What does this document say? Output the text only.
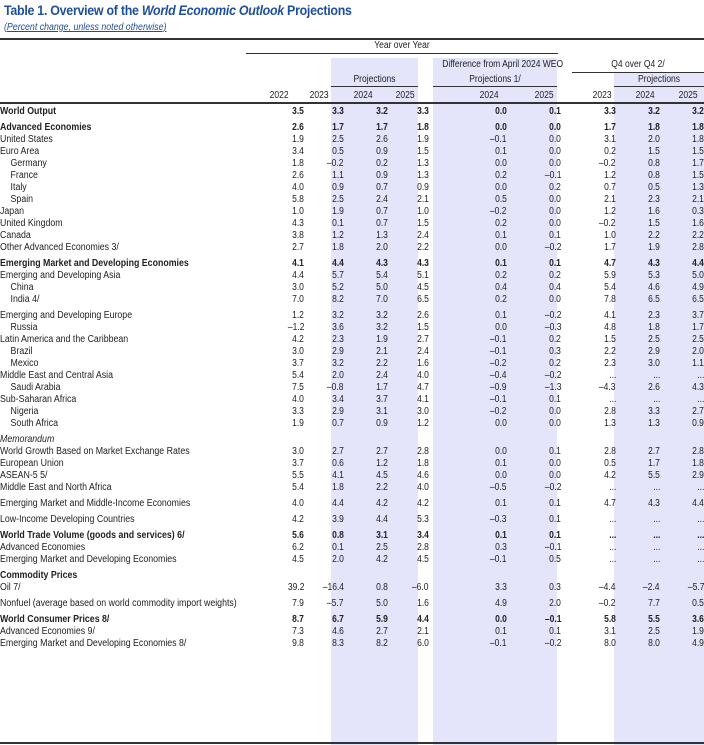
Table 1. Overview of the World Economic Outlook Projections
(Percent change, unless noted otherwise)
Year over Year
Difference from April 2024 WEO	Q4 over Q4 2/
Projections	Projections 1/	Projections
2022 2023	2024 2025	2024	2025	2023 2024 2025
World Output	3.5	3.3	3.2	3.3	0.0	0.1	3.3	3.2	3.2
Advanced Economies	2.6	1.7	1.7	1.8	0.0	0.0	1.7	1.8	1.8
United States	1.9	2.5	2.6	1.9	–0.1	0.0	3.1	2.0	1.8
Euro Area	3.4	0.5	0.9	1.5	0.1	0.0	0.2	1.5	1.5
Germany	1.8	–0.2	0.2	1.3	0.0	0.0	–0.2	0.8	1.7
France	2.6	1.1	0.9	1.3	0.2	–0.1	1.2	0.8	1.5
Italy	4.0	0.9	0.7	0.9	0.0	0.2	0.7	0.5	1.3
Spain	5.8	2.5	2.4	2.1	0.5	0.0	2.1	2.3	2.1
Japan	1.0	1.9	0.7	1.0	–0.2	0.0	1.2	1.6	0.3
United Kingdom	4.3	0.1	0.7	1.5	0.2	0.0	–0.2	1.5	1.6
Canada	3.8	1.2	1.3	2.4	0.1	0.1	1.0	2.2	2.2
Other Advanced Economies 3/	2.7	1.8	2.0	2.2	0.0	–0.2	1.7	1.9	2.8
Emerging Market and Developing Economies	4.1	4.4	4.3	4.3	0.1	0.1	4.7	4.3	4.4
Emerging and Developing Asia	4.4	5.7	5.4	5.1	0.2	0.2	5.9	5.3	5.0
China	3.0	5.2	5.0	4.5	0.4	0.4	5.4	4.6	4.9
India 4/	7.0	8.2	7.0	6.5	0.2	0.0	7.8	6.5	6.5
Emerging and Developing Europe	1.2	3.2	3.2	2.6	0.1	–0.2	4.1	2.3	3.7
Russia	–1.2	3.6	3.2	1.5	0.0	–0.3	4.8	1.8	1.7
Latin America and the Caribbean	4.2	2.3	1.9	2.7	–0.1	0.2	1.5	2.5	2.5
Brazil	3.0	2.9	2.1	2.4	–0.1	0.3	2.2	2.9	2.0
Mexico	3.7	3.2	2.2	1.6	–0.2	0.2	2.3	3.0	1.1
Middle East and Central Asia	5.4	2.0	2.4	4.0	–0.4	–0.2	...	...	...
Saudi Arabia	7.5	–0.8	1.7	4.7	–0.9	–1.3	–4.3	2.6	4.3
Sub-Saharan Africa	4.0	3.4	3.7	4.1	–0.1	0.1	...	...	...
Nigeria	3.3	2.9	3.1	3.0	–0.2	0.0	2.8	3.3	2.7
South Africa	1.9	0.7	0.9	1.2	0.0	0.0	1.3	1.3	0.9
Memorandum									
World Growth Based on Market Exchange Rates	3.0	2.7	2.7	2.8	0.0	0.1	2.8	2.7	2.8
European Union	3.7	0.6	1.2	1.8	0.1	0.0	0.5	1.7	1.8
ASEAN-5 5/	5.5	4.1	4.5	4.6	0.0	0.0	4.2	5.5	2.9
Middle East and North Africa	5.4	1.8	2.2	4.0	–0.5	–0.2	...	...	...
Emerging Market and Middle-Income Economies	4.0	4.4	4.2	4.2	0.1	0.1	4.7	4.3	4.4
Low-Income Developing Countries	4.2	3.9	4.4	5.3	–0.3	0.1	...	...	...
World Trade Volume (goods and services) 6/	5.6	0.8	3.1	3.4	0.1	0.1	...	...	...
Advanced Economies	6.2	0.1	2.5	2.8	0.3	–0.1	...	...	...
Emerging Market and Developing Economies	4.5	2.0	4.2	4.5	–0.1	0.5	...	...	...
Commodity Prices									
Oil 7/	39.2	–16.4	0.8	–6.0	3.3	0.3	–4.4	–2.4	–5.7
Nonfuel (average based on world commodity import weights)	7.9	–5.7	5.0	1.6	4.9	2.0	–0.2	7.7	0.5
World Consumer Prices 8/	8.7	6.7	5.9	4.4	0.0	–0.1	5.8	5.5	3.6
Advanced Economies 9/	7.3	4.6	2.7	2.1	0.1	0.1	3.1	2.5	1.9
Emerging Market and Developing Economies 8/	9.8	8.3	8.2	6.0	–0.1	–0.2	8.0	8.0	4.9
